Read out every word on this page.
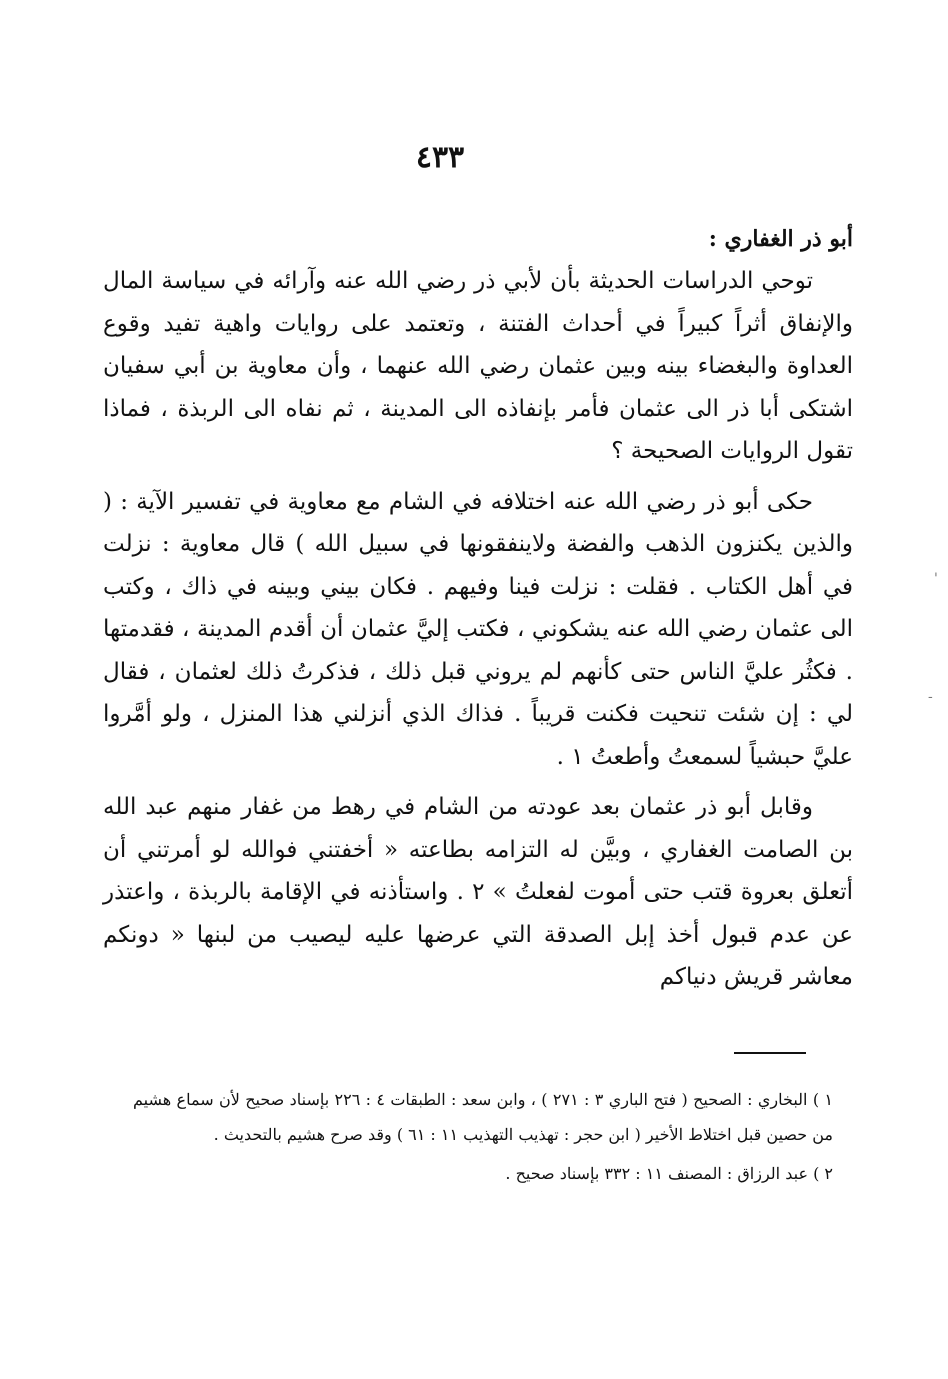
٤٣٣

أبو ذر الغفاري :

توحي الدراسات الحديثة بأن لأبي ذر رضي الله عنه وآرائه في سياسة المال والإنفاق أثراً كبيراً في أحداث الفتنة ، وتعتمد على روايات واهية تفيد وقوع العداوة والبغضاء بينه وبين عثمان رضي الله عنهما ، وأن معاوية بن أبي سفيان اشتكى أبا ذر الى عثمان فأمر بإنفاذه الى المدينة ، ثم نفاه الى الربذة ، فماذا تقول الروايات الصحيحة ؟

حكى أبو ذر رضي الله عنه اختلافه في الشام مع معاوية في تفسير الآية : ( والذين يكنزون الذهب والفضة ولاينفقونها في سبيل الله ) قال معاوية : نزلت في أهل الكتاب . فقلت : نزلت فينا وفيهم . فكان بيني وبينه في ذاك ، وكتب الى عثمان رضي الله عنه يشكوني ، فكتب إليَّ عثمان أن أقدم المدينة ، فقدمتها . فكثُر عليَّ الناس حتى كأنهم لم يروني قبل ذلك ، فذكرتُ ذلك لعثمان ، فقال لي : إن شئت تنحيت فكنت قريباً . فذاك الذي أنزلني هذا المنزل ، ولو أمَّروا عليَّ حبشياً لسمعتُ وأطعتُ ١ .

وقابل أبو ذر عثمان بعد عودته من الشام في رهط من غفار منهم عبد الله بن الصامت الغفاري ، وبيَّن له التزامه بطاعته « أخفتني فوالله لو أمرتني أن أتعلق بعروة قتب حتى أموت لفعلتُ » ٢ . واستأذنه في الإقامة بالربذة ، واعتذر عن عدم قبول أخذ إبل الصدقة التي عرضها عليه ليصيب من لبنها « دونكم معاشر قريش دنياكم

١ ) البخاري : الصحيح ( فتح الباري ٣ : ٢٧١ ) ، وابن سعد : الطبقات ٤ : ٢٢٦ بإسناد صحيح لأن سماع هشيم من حصين قبل اختلاط الأخير ( ابن حجر : تهذيب التهذيب ١١ : ٦١ ) وقد صرح هشيم بالتحديث .

٢ ) عبد الرزاق : المصنف ١١ : ٣٣٢ بإسناد صحيح .

'
-
